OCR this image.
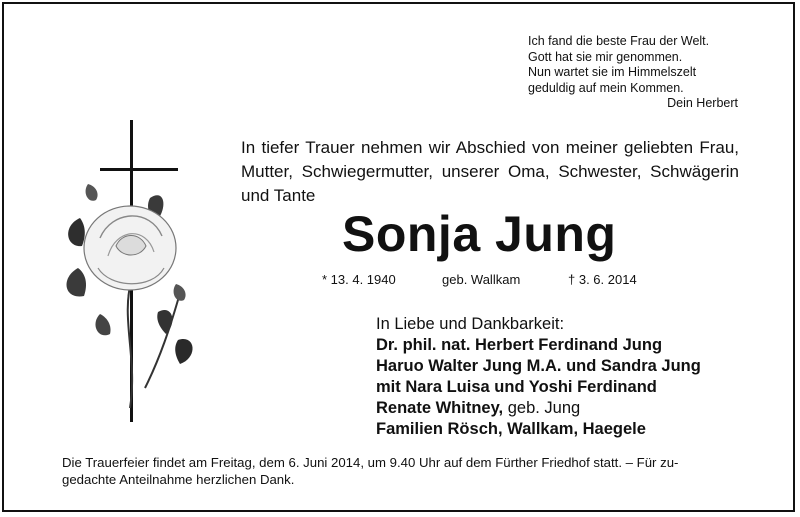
Ich fand die beste Frau der Welt.
Gott hat sie mir genommen.
Nun wartet sie im Himmelszelt
geduldig auf mein Kommen.
Dein Herbert
In tiefer Trauer nehmen wir Abschied von meiner geliebten Frau, Mutter, Schwiegermutter, unserer Oma, Schwester, Schwägerin und Tante
Sonja Jung
* 13. 4. 1940	geb. Wallkam	† 3. 6. 2014
In Liebe und Dankbarkeit:
Dr. phil. nat. Herbert Ferdinand Jung
Haruo Walter Jung M.A. und Sandra Jung
mit Nara Luisa und Yoshi Ferdinand
Renate Whitney, geb. Jung
Familien Rösch, Wallkam, Haegele
Die Trauerfeier findet am Freitag, dem 6. Juni 2014, um 9.40 Uhr auf dem Fürther Friedhof statt. – Für zu-
gedachte Anteilnahme herzlichen Dank.
